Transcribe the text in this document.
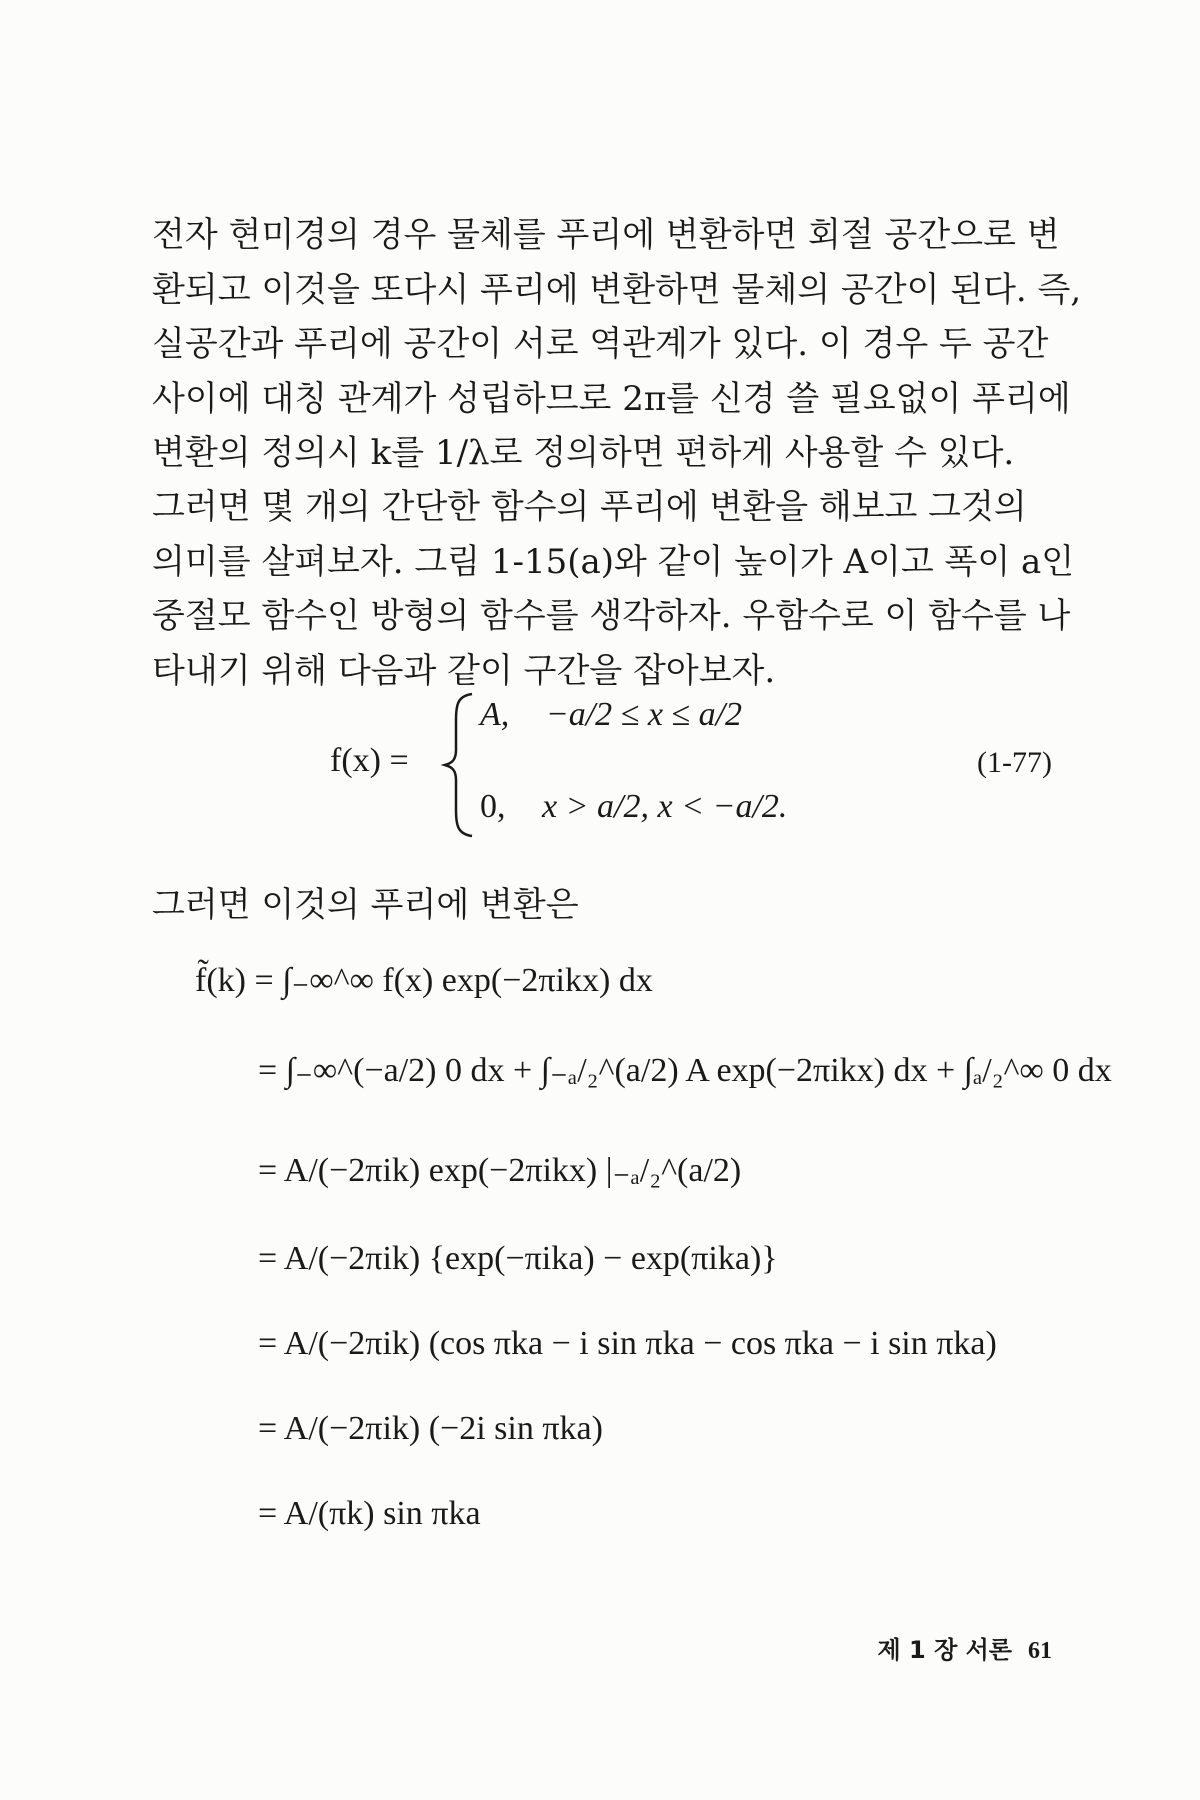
전자 현미경의 경우 물체를 푸리에 변환하면 회절 공간으로 변
환되고 이것을 또다시 푸리에 변환하면 물체의 공간이 된다. 즉,
실공간과 푸리에 공간이 서로 역관계가 있다. 이 경우 두 공간
사이에 대칭 관계가 성립하므로 2π를 신경 쓸 필요없이 푸리에
변환의 정의시 k를 1/λ로 정의하면 편하게 사용할 수 있다.

그러면 몇 개의 간단한 함수의 푸리에 변환을 해보고 그것의
의미를 살펴보자. 그림 1-15(a)와 같이 높이가 A이고 폭이 a인
중절모 함수인 방형의 함수를 생각하자. 우함수로 이 함수를 나
타내기 위해 다음과 같이 구간을 잡아보자.

f(x) =
A, −a/2 ≤ x ≤ a/2
0, x > a/2, x < −a/2.
(1-77)

그러면 이것의 푸리에 변환은

f̃(k) = ∫₋∞^∞ f(x) exp(−2πikx) dx
= ∫₋∞^(−a/2) 0 dx + ∫₋ₐ/₂^(a/2) A exp(−2πikx) dx + ∫ₐ/₂^∞ 0 dx
= A/(−2πik) exp(−2πikx) |₋ₐ/₂^(a/2)
= A/(−2πik) {exp(−πika) − exp(πika)}
= A/(−2πik) (cos πka − i sin πka − cos πka − i sin πka)
= A/(−2πik) (−2i sin πka)
= A/(πk) sin πka
제 1 장 서론 61
